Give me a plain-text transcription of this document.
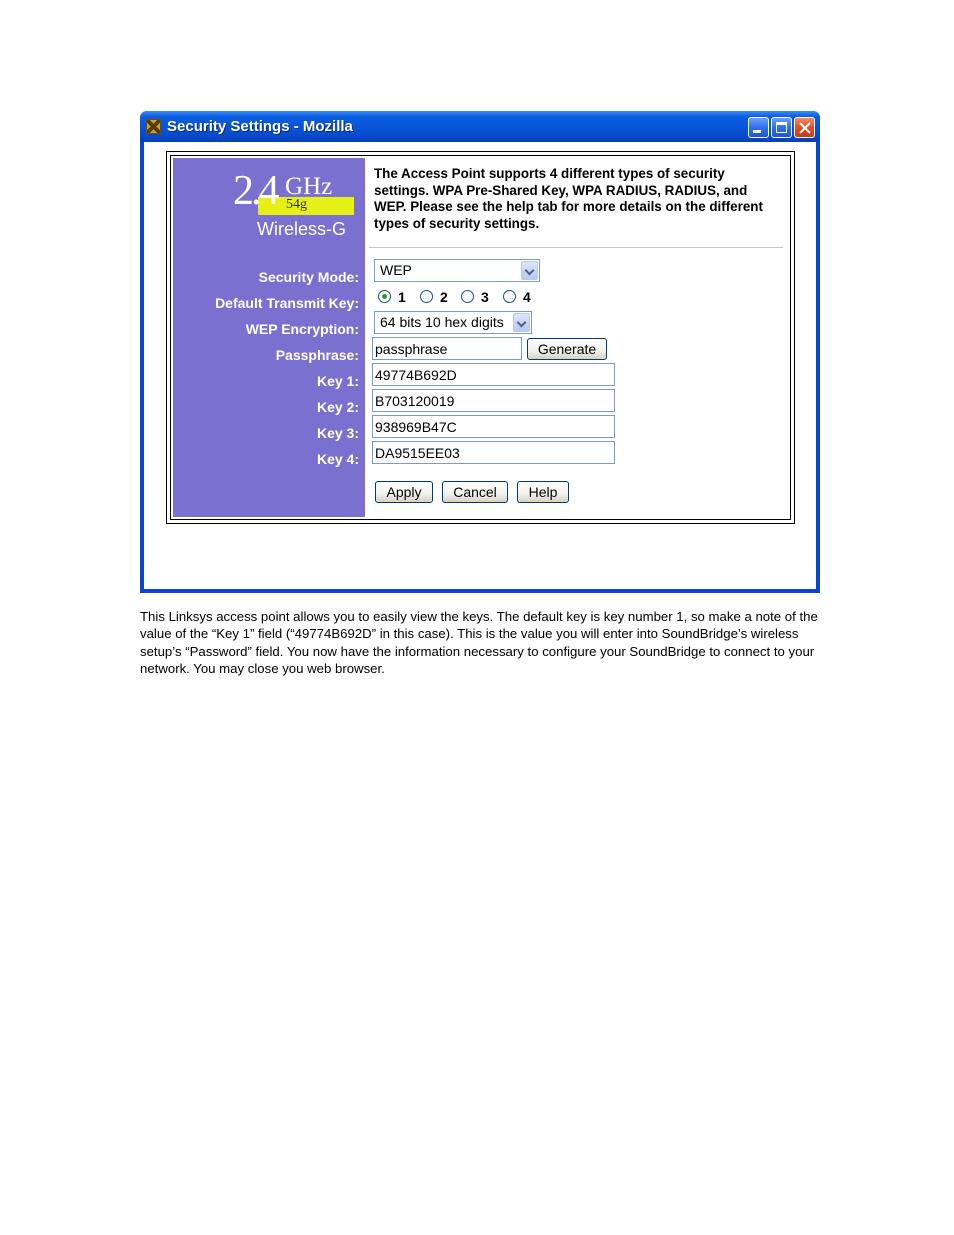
Security Settings - Mozilla
2.4 GHz
54g
Wireless-G
Security Mode:
Default Transmit Key:
WEP Encryption:
Passphrase:
Key 1:
Key 2:
Key 3:
Key 4:
The Access Point supports 4 different types of security settings. WPA Pre-Shared Key, WPA RADIUS, RADIUS, and WEP. Please see the help tab for more details on the different types of security settings.
WEP
1 2 3 4
64 bits 10 hex digits
passphrase
Generate
49774B692D
B703120019
938969B47C
DA9515EE03
Apply	Cancel	Help
This Linksys access point allows you to easily view the keys. The default key is key number 1, so make a note of the value of the “Key 1” field (“49774B692D” in this case). This is the value you will enter into SoundBridge’s wireless setup’s “Password” field. You now have the information necessary to configure your SoundBridge to connect to your network. You may close you web browser.
